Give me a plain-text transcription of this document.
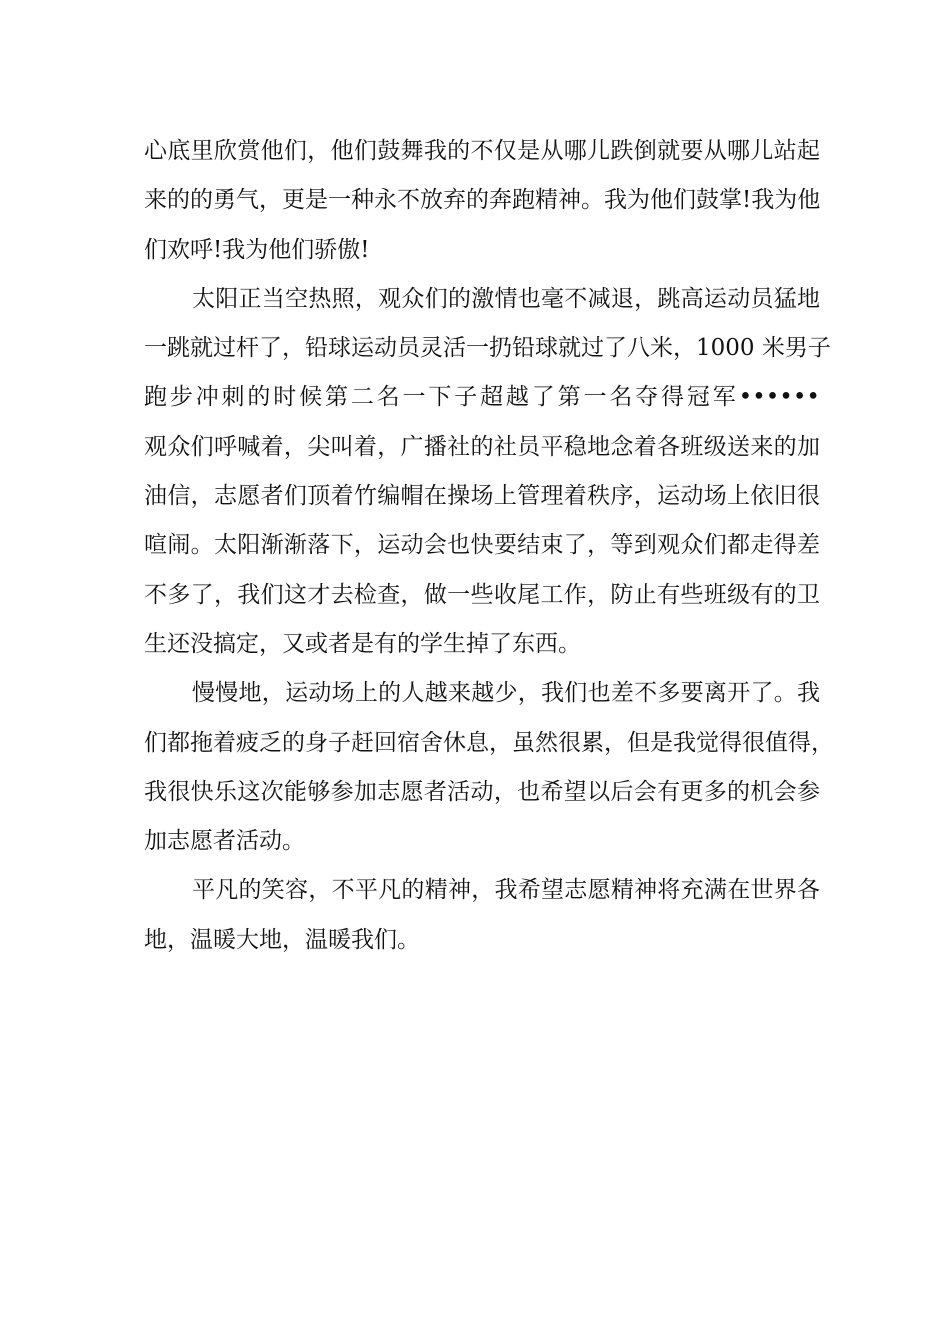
心底里欣赏他们，他们鼓舞我的不仅是从哪儿跌倒就要从哪儿站起
来的的勇气，更是一种永不放弃的奔跑精神。我为他们鼓掌!我为他
们欢呼!我为他们骄傲!
太阳正当空热照，观众们的激情也毫不减退，跳高运动员猛地
一跳就过杆了，铅球运动员灵活一扔铅球就过了八米，1000 米男子
跑步冲刺的时候第二名一下子超越了第一名夺得冠军••••••
观众们呼喊着，尖叫着，广播社的社员平稳地念着各班级送来的加
油信，志愿者们顶着竹编帽在操场上管理着秩序，运动场上依旧很
喧闹。太阳渐渐落下，运动会也快要结束了，等到观众们都走得差
不多了，我们这才去检查，做一些收尾工作，防止有些班级有的卫
生还没搞定，又或者是有的学生掉了东西。
慢慢地，运动场上的人越来越少，我们也差不多要离开了。我
们都拖着疲乏的身子赶回宿舍休息，虽然很累，但是我觉得很值得，
我很快乐这次能够参加志愿者活动，也希望以后会有更多的机会参
加志愿者活动。
平凡的笑容，不平凡的精神，我希望志愿精神将充满在世界各
地，温暖大地，温暖我们。
